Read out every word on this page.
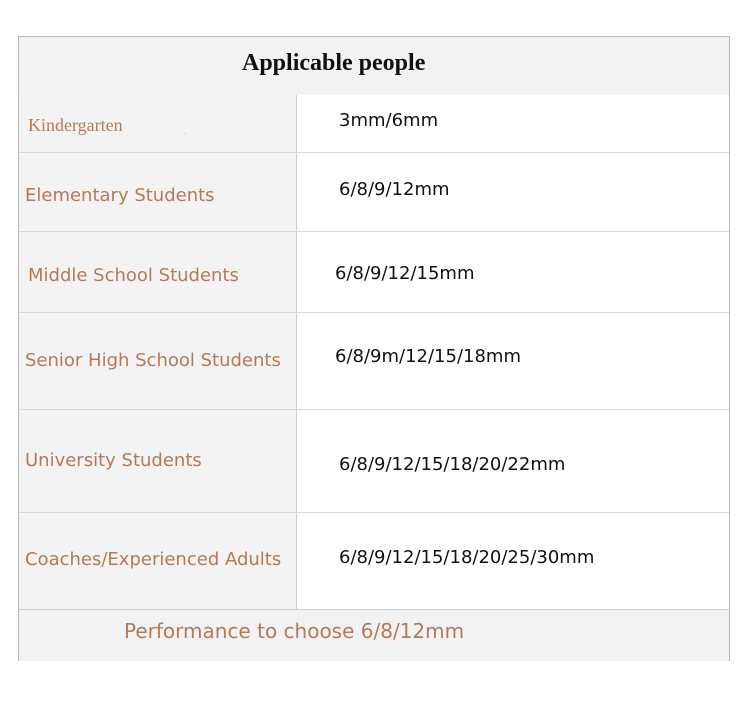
Applicable people
Kindergarten	3mm/6mm
Elementary Students	6/8/9/12mm
Middle School Students	6/8/9/12/15mm
Senior High School Students	6/8/9m/12/15/18mm
University Students	6/8/9/12/15/18/20/22mm
Coaches/Experienced Adults	6/8/9/12/15/18/20/25/30mm
Performance to choose 6/8/12mm
